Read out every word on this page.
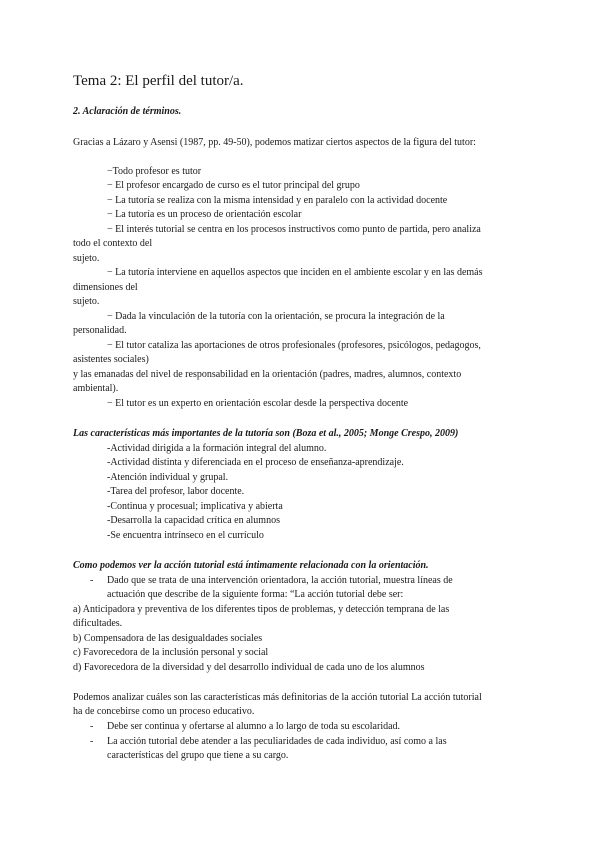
Tema 2: El perfil del tutor/a.
2. Aclaración de términos.
Gracias a Lázaro y Asensi (1987, pp. 49-50), podemos matizar ciertos aspectos de la figura del tutor:
−Todo profesor es tutor
− El profesor encargado de curso es el tutor principal del grupo
− La tutoría se realiza con la misma intensidad y en paralelo con la actividad docente
− La tutoría es un proceso de orientación escolar
− El interés tutorial se centra en los procesos instructivos como punto de partida, pero analiza
todo el contexto del
sujeto.
− La tutoría interviene en aquellos aspectos que inciden en el ambiente escolar y en las demás
dimensiones del
sujeto.
− Dada la vinculación de la tutoría con la orientación, se procura la integración de la
personalidad.
− El tutor cataliza las aportaciones de otros profesionales (profesores, psicólogos, pedagogos,
asistentes sociales)
y las emanadas del nivel de responsabilidad en la orientación (padres, madres, alumnos, contexto
ambiental).
− El tutor es un experto en orientación escolar desde la perspectiva docente
Las características más importantes de la tutoría son (Boza et al., 2005; Monge Crespo, 2009)
-Actividad dirigida a la formación integral del alumno.
-Actividad distinta y diferenciada en el proceso de enseñanza-aprendizaje.
-Atención individual y grupal.
-Tarea del profesor, labor docente.
-Continua y procesual; implicativa y abierta
-Desarrolla la capacidad crítica en alumnos
-Se encuentra intrínseco en el currículo
Como podemos ver la acción tutorial está íntimamente relacionada con la orientación.
- Dado que se trata de una intervención orientadora, la acción tutorial, muestra líneas de
actuación que describe de la siguiente forma: “La acción tutorial debe ser:
a) Anticipadora y preventiva de los diferentes tipos de problemas, y detección temprana de las
dificultades.
b) Compensadora de las desigualdades sociales
c) Favorecedora de la inclusión personal y social
d) Favorecedora de la diversidad y del desarrollo individual de cada uno de los alumnos
Podemos analizar cuáles son las características más definitorias de la acción tutorial La acción tutorial
ha de concebirse como un proceso educativo.
- Debe ser continua y ofertarse al alumno a lo largo de toda su escolaridad.
- La acción tutorial debe atender a las peculiaridades de cada individuo, así como a las
características del grupo que tiene a su cargo.
